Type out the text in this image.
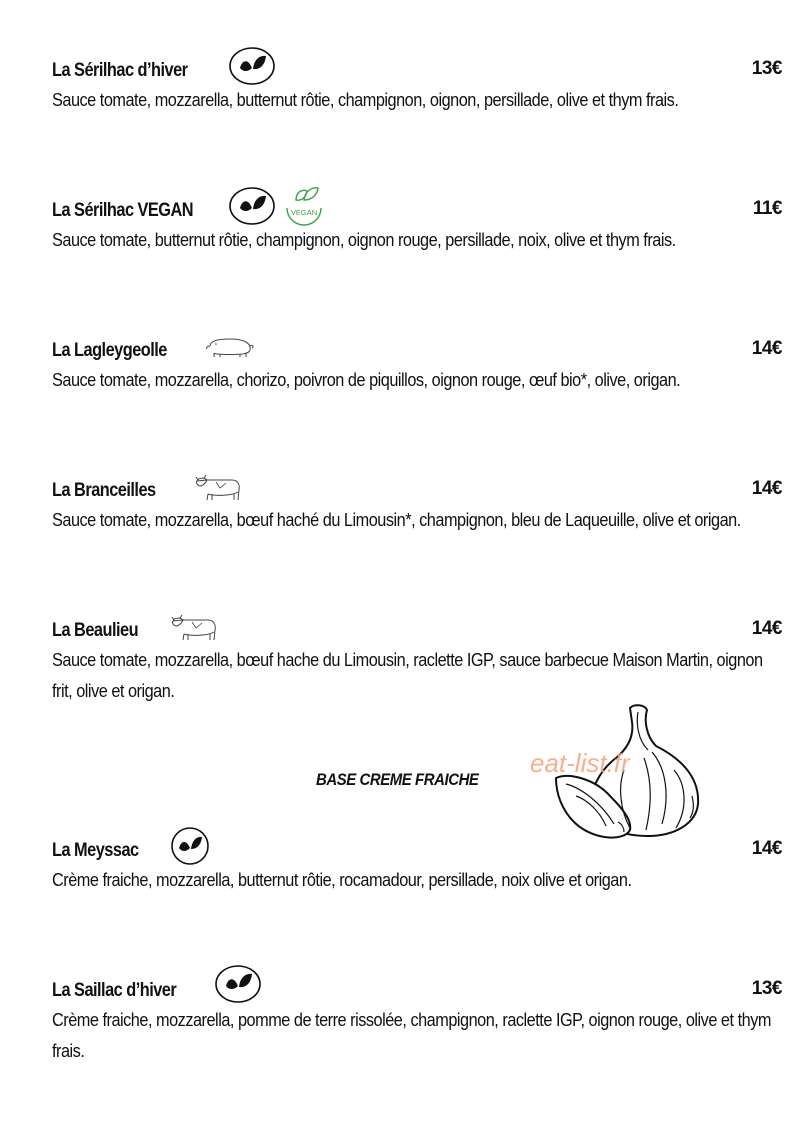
La Sérilhac d’hiver	13€
Sauce tomate, mozzarella, butternut rôtie, champignon, oignon, persillade, olive et thym frais.
La Sérilhac VEGAN	VEGAN	11€
Sauce tomate, butternut rôtie, champignon, oignon rouge, persillade, noix, olive et thym frais.
La Lagleygeolle	14€
Sauce tomate, mozzarella, chorizo, poivron de piquillos, oignon rouge, œuf bio*, olive, origan.
La Branceilles	14€
Sauce tomate, mozzarella, bœuf haché du Limousin*, champignon, bleu de Laqueuille, olive et origan.
La Beaulieu	14€
Sauce tomate, mozzarella, bœuf hache du Limousin, raclette IGP, sauce barbecue Maison Martin, oignon frit, olive et origan.
BASE CREME FRAICHE
eat-list.fr
La Meyssac	14€
Crème fraiche, mozzarella, butternut rôtie, rocamadour, persillade, noix olive et origan.
La Saillac d’hiver	13€
Crème fraiche, mozzarella, pomme de terre rissolée, champignon, raclette IGP, oignon rouge, olive et thym frais.
